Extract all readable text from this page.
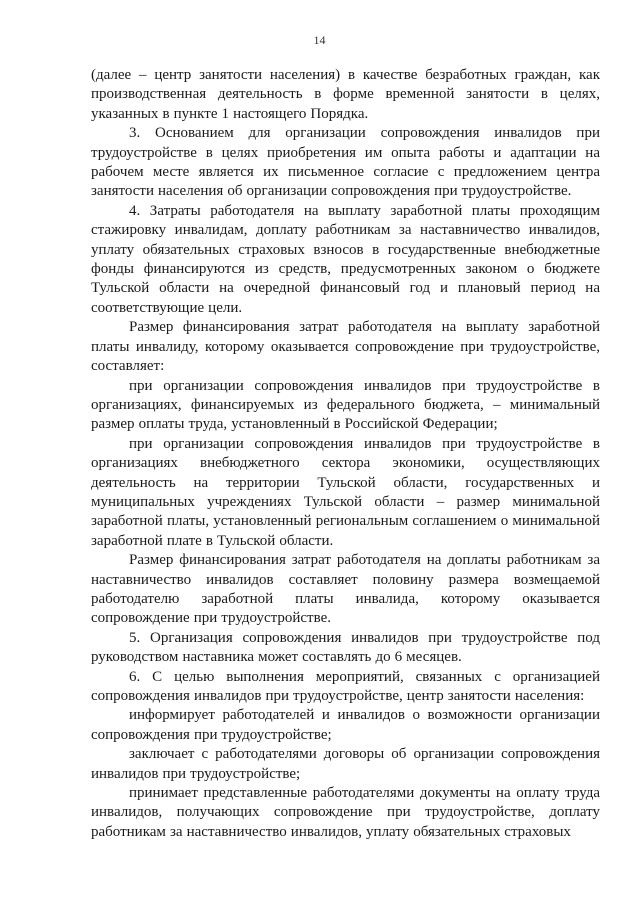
14

(далее – центр занятости населения) в качестве безработных граждан, как производственная деятельность в форме временной занятости в целях, указанных в пункте 1 настоящего Порядка.

3. Основанием для организации сопровождения инвалидов при трудоустройстве в целях приобретения им опыта работы и адаптации на рабочем месте является их письменное согласие с предложением центра занятости населения об организации сопровождения при трудоустройстве.

4. Затраты работодателя на выплату заработной платы проходящим стажировку инвалидам, доплату работникам за наставничество инвалидов, уплату обязательных страховых взносов в государственные внебюджетные фонды финансируются из средств, предусмотренных законом о бюджете Тульской области на очередной финансовый год и плановый период на соответствующие цели.

Размер финансирования затрат работодателя на выплату заработной платы инвалиду, которому оказывается сопровождение при трудоустройстве, составляет:

при организации сопровождения инвалидов при трудоустройстве в организациях, финансируемых из федерального бюджета, – минимальный размер оплаты труда, установленный в Российской Федерации;

при организации сопровождения инвалидов при трудоустройстве в организациях внебюджетного сектора экономики, осуществляющих деятельность на территории Тульской области, государственных и муниципальных учреждениях Тульской области – размер минимальной заработной платы, установленный региональным соглашением о минимальной заработной плате в Тульской области.

Размер финансирования затрат работодателя на доплаты работникам за наставничество инвалидов составляет половину размера возмещаемой работодателю заработной платы инвалида, которому оказывается сопровождение при трудоустройстве.

5. Организация сопровождения инвалидов при трудоустройстве под руководством наставника может составлять до 6 месяцев.

6. С целью выполнения мероприятий, связанных с организацией сопровождения инвалидов при трудоустройстве, центр занятости населения:

информирует работодателей и инвалидов о возможности организации сопровождения при трудоустройстве;

заключает с работодателями договоры об организации сопровождения инвалидов при трудоустройстве;

принимает представленные работодателями документы на оплату труда инвалидов, получающих сопровождение при трудоустройстве, доплату работникам за наставничество инвалидов, уплату обязательных страховых
